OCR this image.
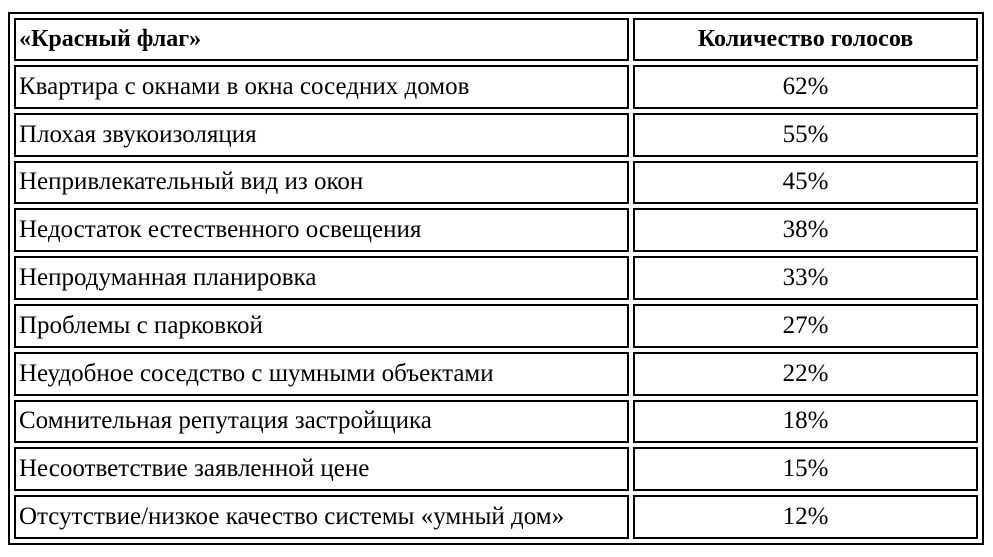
«Красный флаг»	Количество голосов
Квартира с окнами в окна соседних домов	62%
Плохая звукоизоляция	55%
Непривлекательный вид из окон	45%
Недостаток естественного освещения	38%
Непродуманная планировка	33%
Проблемы с парковкой	27%
Неудобное соседство с шумными объектами	22%
Сомнительная репутация застройщика	18%
Несоответствие заявленной цене	15%
Отсутствие/низкое качество системы «умный дом»	12%
